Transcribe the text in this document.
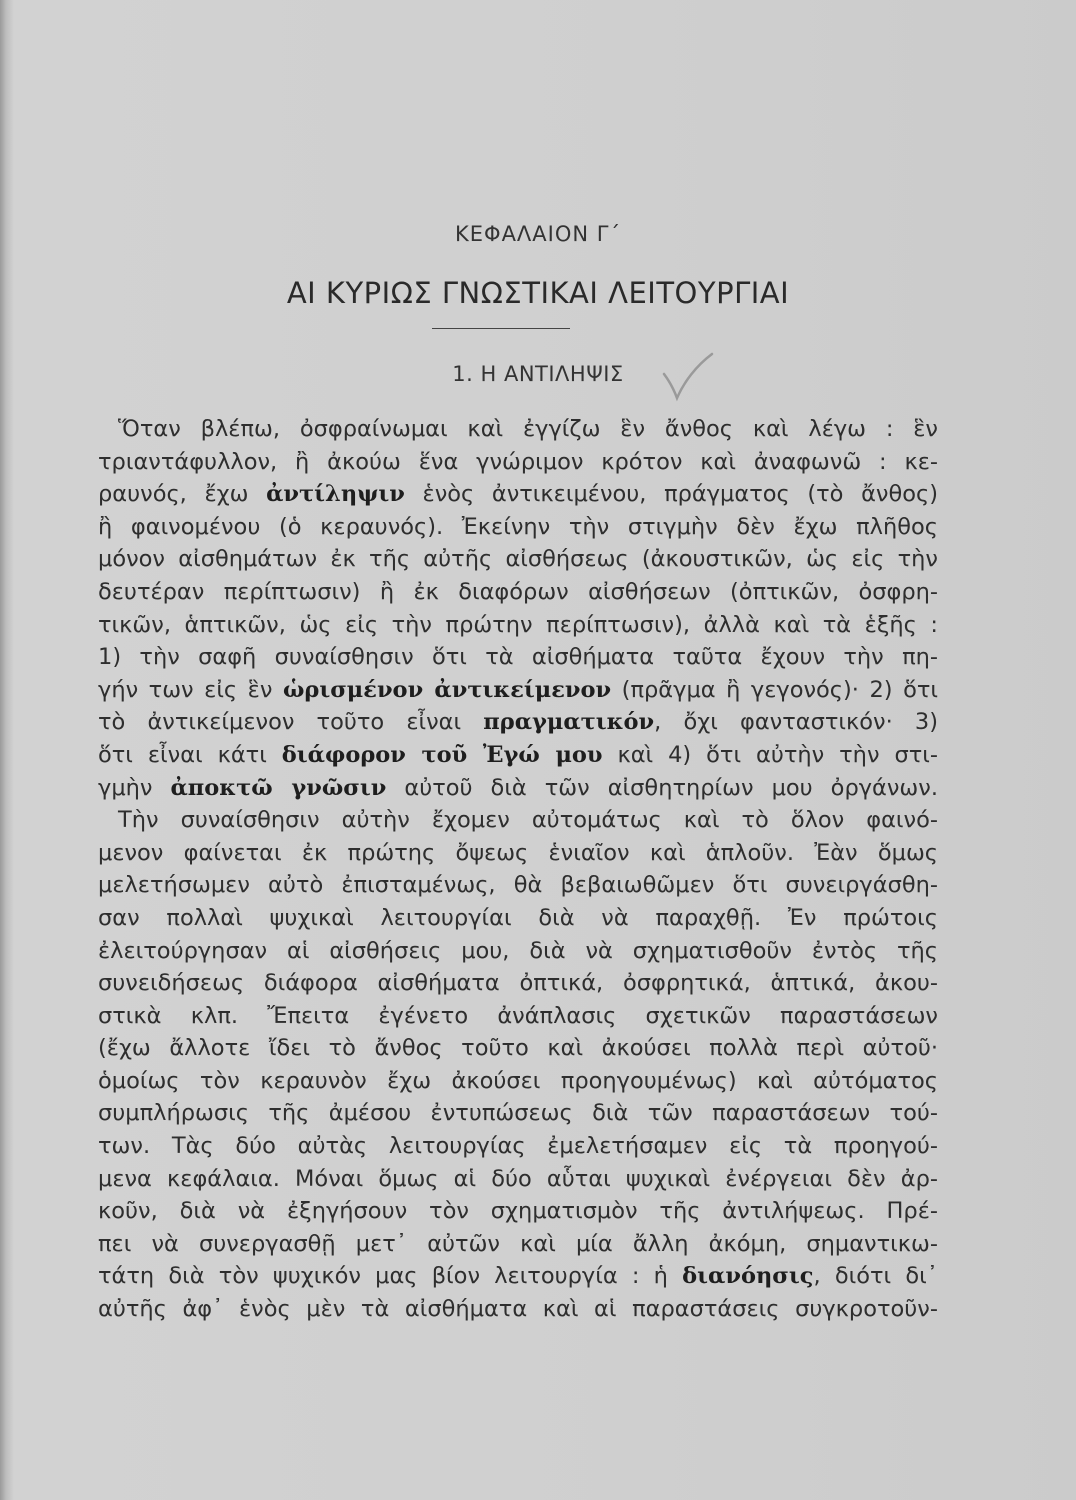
ΚΕΦΑΛΑΙΟΝ Γ΄
ΑΙ ΚΥΡΙΩΣ ΓΝΩΣΤΙΚΑΙ ΛΕΙΤΟΥΡΓΙΑΙ
1. Η ΑΝΤΙΛΗΨΙΣ
Ὅταν βλέπω, ὀσφραίνωμαι καὶ ἐγγίζω ἓν ἄνθος καὶ λέγω : ἓν
τριαντάφυλλον, ἢ ἀκούω ἕνα γνώριμον κρότον καὶ ἀναφωνῶ : κε-
ραυνός, ἔχω ἀντίληψιν ἑνὸς ἀντικειμένου, πράγματος (τὸ ἄνθος)
ἢ φαινομένου (ὁ κεραυνός). Ἐκείνην τὴν στιγμὴν δὲν ἔχω πλῆθος
μόνον αἰσθημάτων ἐκ τῆς αὐτῆς αἰσθήσεως (ἀκουστικῶν, ὡς εἰς τὴν
δευτέραν περίπτωσιν) ἢ ἐκ διαφόρων αἰσθήσεων (ὀπτικῶν, ὀσφρη-
τικῶν, ἁπτικῶν, ὡς εἰς τὴν πρώτην περίπτωσιν), ἀλλὰ καὶ τὰ ἑξῆς :
1) τὴν σαφῆ συναίσθησιν ὅτι τὰ αἰσθήματα ταῦτα ἔχουν τὴν πη-
γήν των εἰς ἓν ὡρισμένον ἀντικείμενον (πρᾶγμα ἢ γεγονός)· 2) ὅτι
τὸ ἀντικείμενον τοῦτο εἶναι πραγματικόν, ὄχι φανταστικόν· 3)
ὅτι εἶναι κάτι διάφορον τοῦ Ἐγώ μου καὶ 4) ὅτι αὐτὴν τὴν στι-
γμὴν ἀποκτῶ γνῶσιν αὐτοῦ διὰ τῶν αἰσθητηρίων μου ὀργάνων.
Τὴν συναίσθησιν αὐτὴν ἔχομεν αὐτομάτως καὶ τὸ ὅλον φαινό-
μενον φαίνεται ἐκ πρώτης ὄψεως ἑνιαῖον καὶ ἁπλοῦν. Ἐὰν ὅμως
μελετήσωμεν αὐτὸ ἐπισταμένως, θὰ βεβαιωθῶμεν ὅτι συνειργάσθη-
σαν πολλαὶ ψυχικαὶ λειτουργίαι διὰ νὰ παραχθῇ. Ἐν πρώτοις
ἐλειτούργησαν αἱ αἰσθήσεις μου, διὰ νὰ σχηματισθοῦν ἐντὸς τῆς
συνειδήσεως διάφορα αἰσθήματα ὀπτικά, ὀσφρητικά, ἁπτικά, ἀκου-
στικὰ κλπ. Ἔπειτα ἐγένετο ἀνάπλασις σχετικῶν παραστάσεων
(ἔχω ἄλλοτε ἴδει τὸ ἄνθος τοῦτο καὶ ἀκούσει πολλὰ περὶ αὐτοῦ·
ὁμοίως τὸν κεραυνὸν ἔχω ἀκούσει προηγουμένως) καὶ αὐτόματος
συμπλήρωσις τῆς ἀμέσου ἐντυπώσεως διὰ τῶν παραστάσεων τού-
των. Τὰς δύο αὐτὰς λειτουργίας ἐμελετήσαμεν εἰς τὰ προηγού-
μενα κεφάλαια. Μόναι ὅμως αἱ δύο αὗται ψυχικαὶ ἐνέργειαι δὲν ἀρ-
κοῦν, διὰ νὰ ἐξηγήσουν τὸν σχηματισμὸν τῆς ἀντιλήψεως. Πρέ-
πει νὰ συνεργασθῇ μετ᾽ αὐτῶν καὶ μία ἄλλη ἀκόμη, σημαντικω-
τάτη διὰ τὸν ψυχικόν μας βίον λειτουργία : ἡ διανόησις, διότι δι᾽
αὐτῆς ἀφ᾽ ἑνὸς μὲν τὰ αἰσθήματα καὶ αἱ παραστάσεις συγκροτοῦν-
